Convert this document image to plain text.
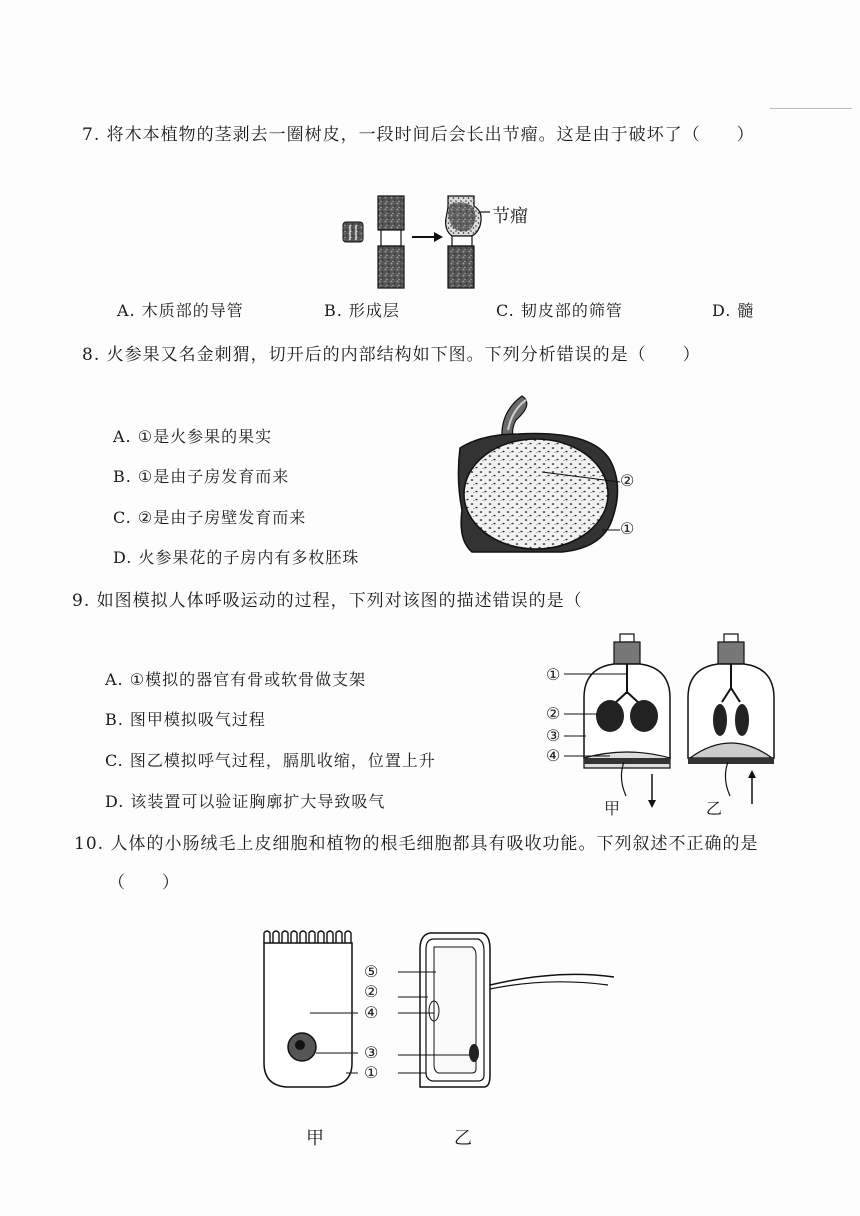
7. 将木本植物的茎剥去一圈树皮，一段时间后会长出节瘤。这是由于破坏了（　　）
节瘤
A. 木质部的导管	B. 形成层	C. 韧皮部的筛管	D. 髓
8. 火参果又名金刺猬，切开后的内部结构如下图。下列分析错误的是（　　）
A. ①是火参果的果实
B. ①是由子房发育而来
C. ②是由子房壁发育而来
D. 火参果花的子房内有多枚胚珠
②
①
9. 如图模拟人体呼吸运动的过程，下列对该图的描述错误的是（
A. ①模拟的器官有骨或软骨做支架
B. 图甲模拟吸气过程
C. 图乙模拟呼气过程，膈肌收缩，位置上升
D. 该装置可以验证胸廓扩大导致吸气
①
②
③
④
甲	乙
10. 人体的小肠绒毛上皮细胞和植物的根毛细胞都具有吸收功能。下列叙述不正确的是
（　　）
⑤
②
④
③
①
甲	乙
